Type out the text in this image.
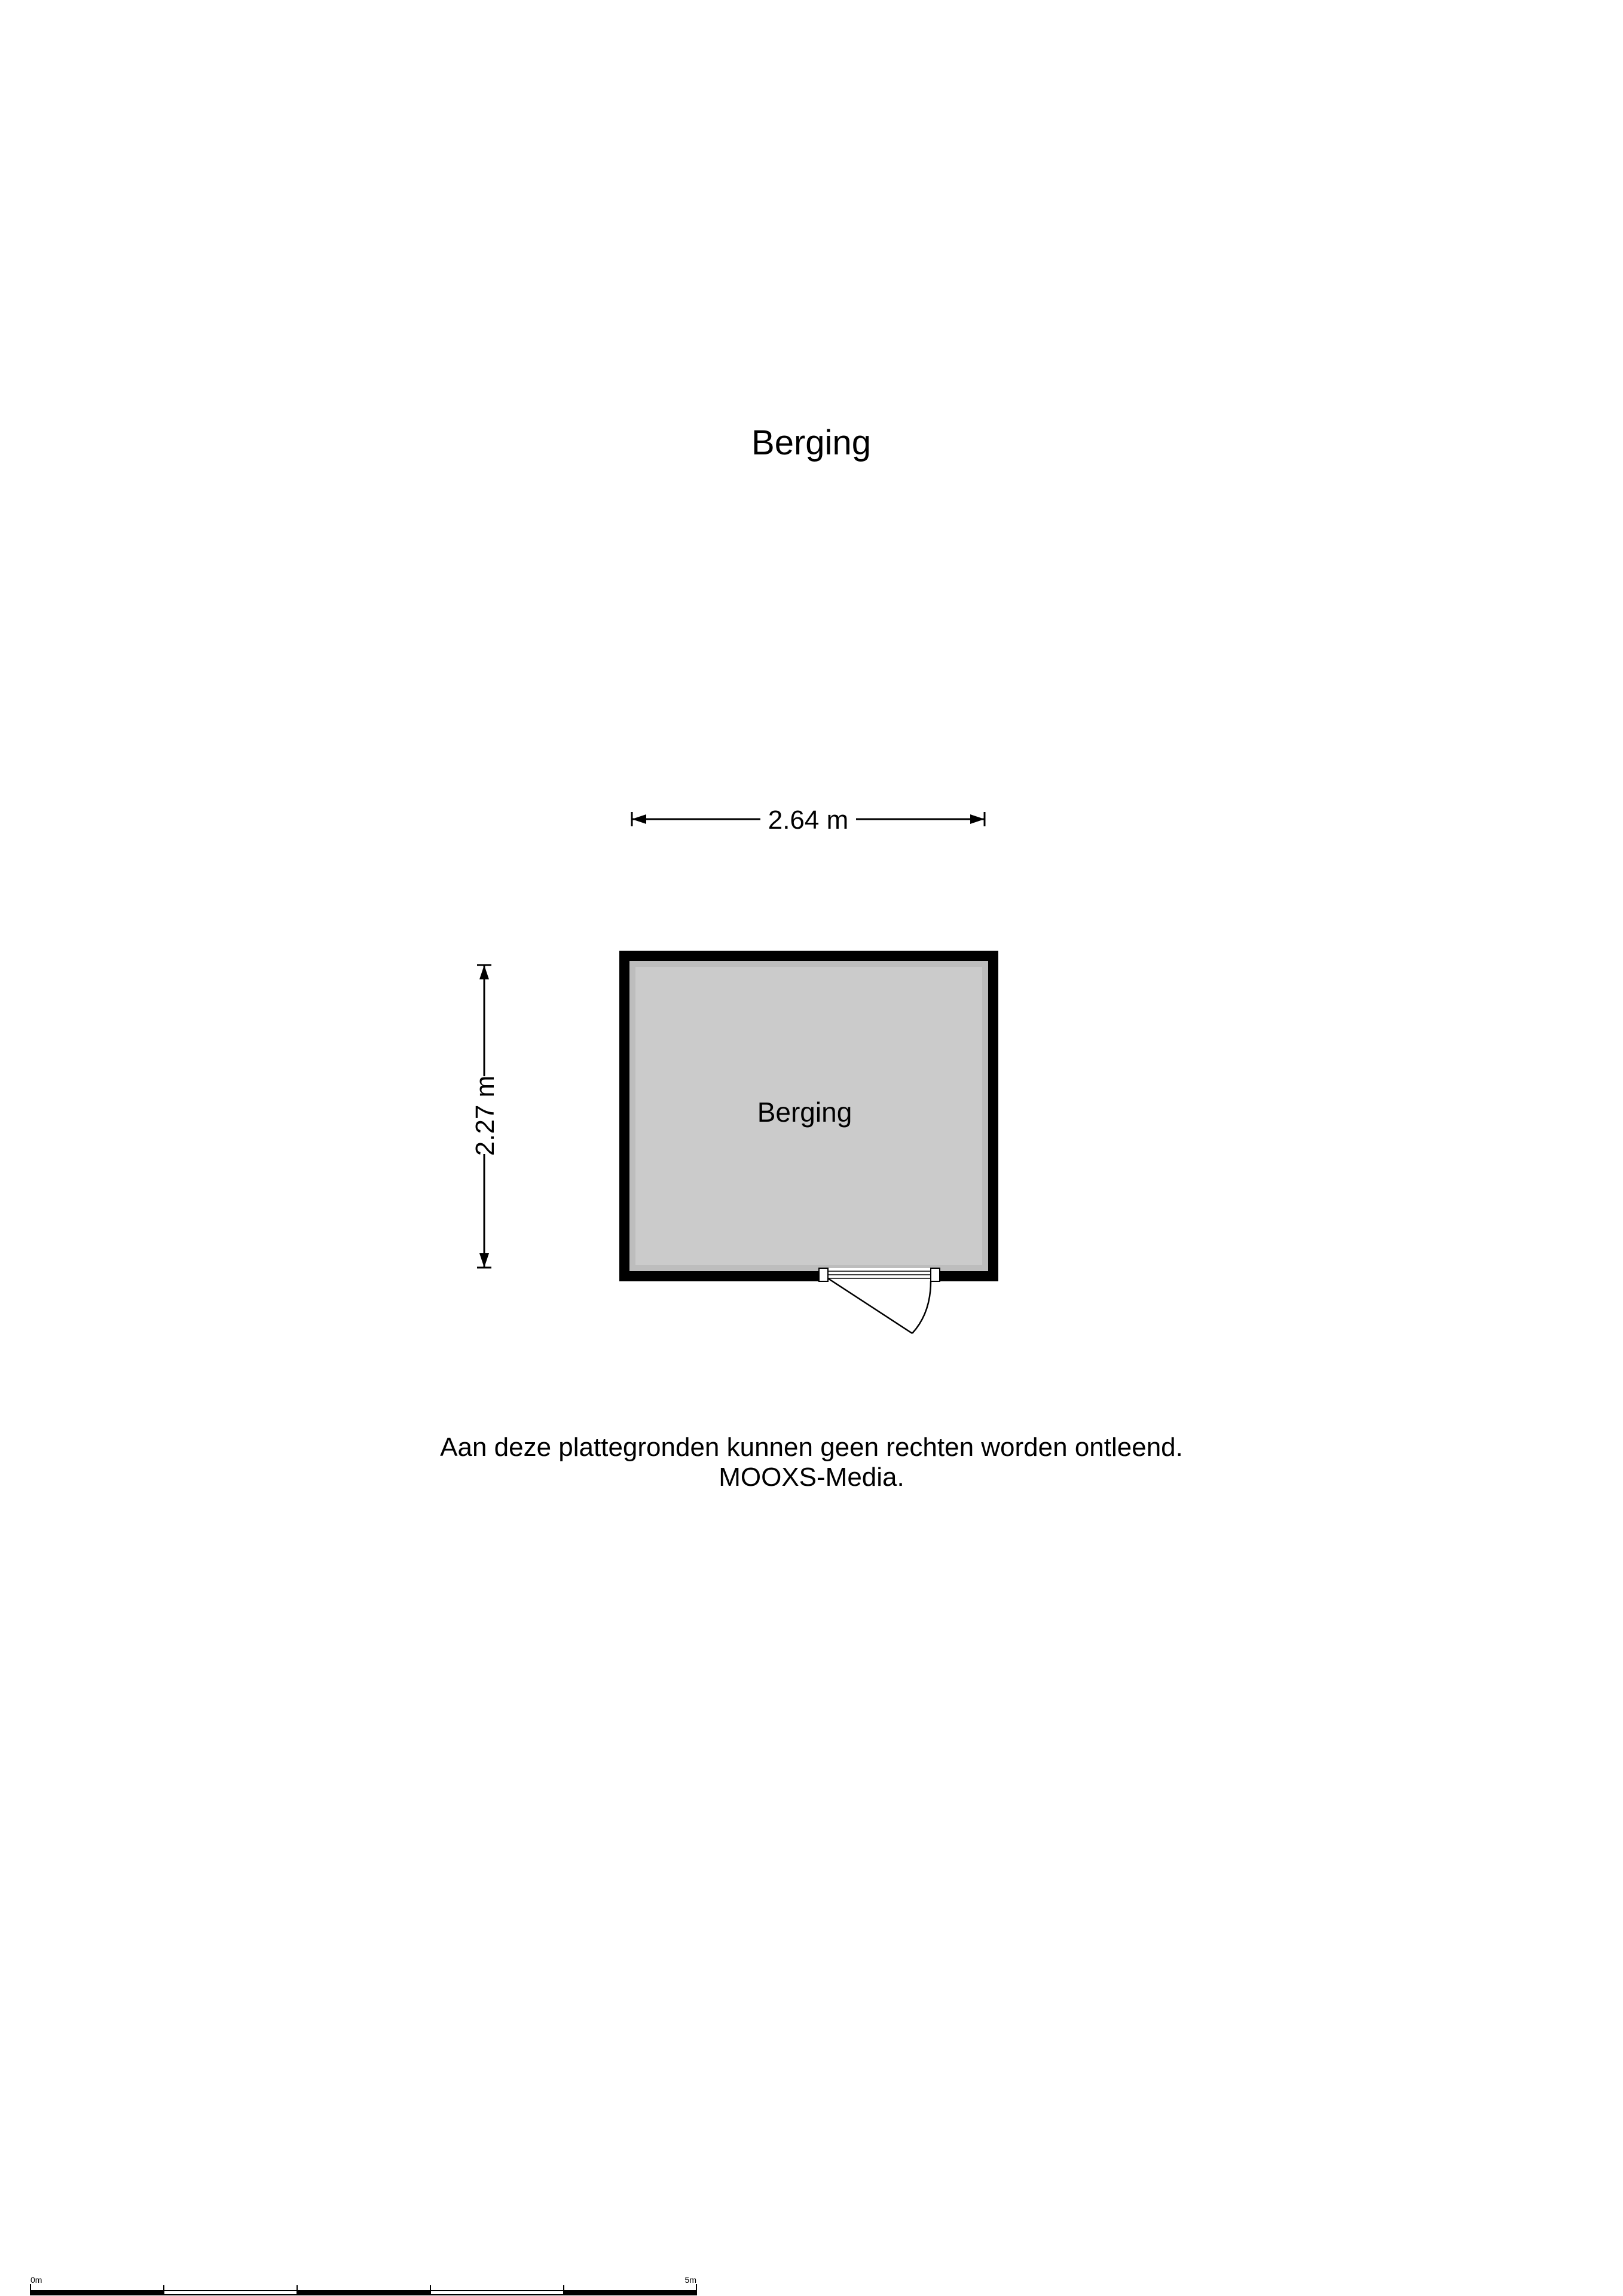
Berging
2.64 m
2.27 m	Berging
0m	5m
Aan deze plattegronden kunnen geen rechten worden ontleend.
MOOXS-Media.
